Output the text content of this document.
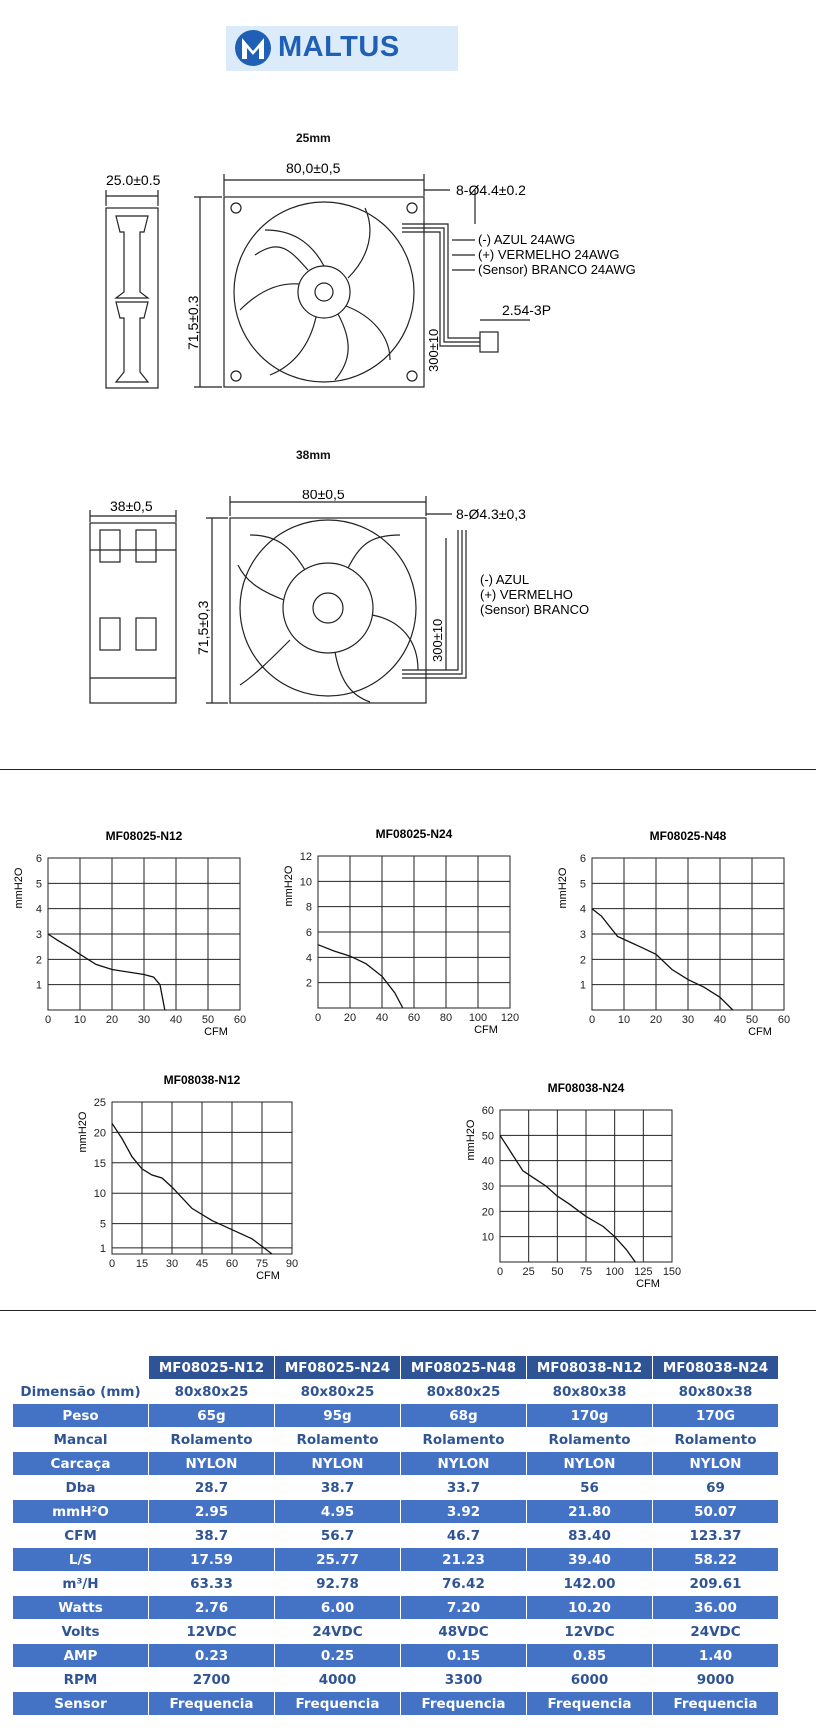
MALTUS
25mm
25.0±0.5
80,0±0,5
71,5±0.3
8-Ø4.4±0.2
(-) AZUL 24AWG
(+) VERMELHO 24AWG
(Sensor) BRANCO 24AWG
300±10
2.54-3P
38mm
38±0,5
80±0,5
71,5±0,3
8-Ø4.3±0,3
(-) AZUL
(+) VERMELHO
(Sensor) BRANCO
300±10
MF08025-N12
0 10 20 30 40 50 60
1
2
3
4
5
6
CFM
mmH2O
MF08025-N24
0 20 40 60 80 100 120
2
4
6
8
10
12
CFM
mmH2O
MF08025-N48
0 10 20 30 40 50 60
1
2
3
4
5
6
CFM
mmH2O
MF08038-N12
0 15 30 45 60 75 90
1
5
10
15
20
25
CFM
mmH2O
MF08038-N24
0 25 50 75 100 125 150
10
20
30
40
50
60
CFM
mmH2O
	MF08025-N12	MF08025-N24	MF08025-N48	MF08038-N12	MF08038-N24
Dimensão (mm)	80x80x25	80x80x25	80x80x25	80x80x38	80x80x38
Peso	65g	95g	68g	170g	170G
Mancal	Rolamento	Rolamento	Rolamento	Rolamento	Rolamento
Carcaça	NYLON	NYLON	NYLON	NYLON	NYLON
Dba	28.7	38.7	33.7	56	69
mmH²O	2.95	4.95	3.92	21.80	50.07
CFM	38.7	56.7	46.7	83.40	123.37
L/S	17.59	25.77	21.23	39.40	58.22
m³/H	63.33	92.78	76.42	142.00	209.61
Watts	2.76	6.00	7.20	10.20	36.00
Volts	12VDC	24VDC	48VDC	12VDC	24VDC
AMP	0.23	0.25	0.15	0.85	1.40
RPM	2700	4000	3300	6000	9000
Sensor	Frequencia	Frequencia	Frequencia	Frequencia	Frequencia
